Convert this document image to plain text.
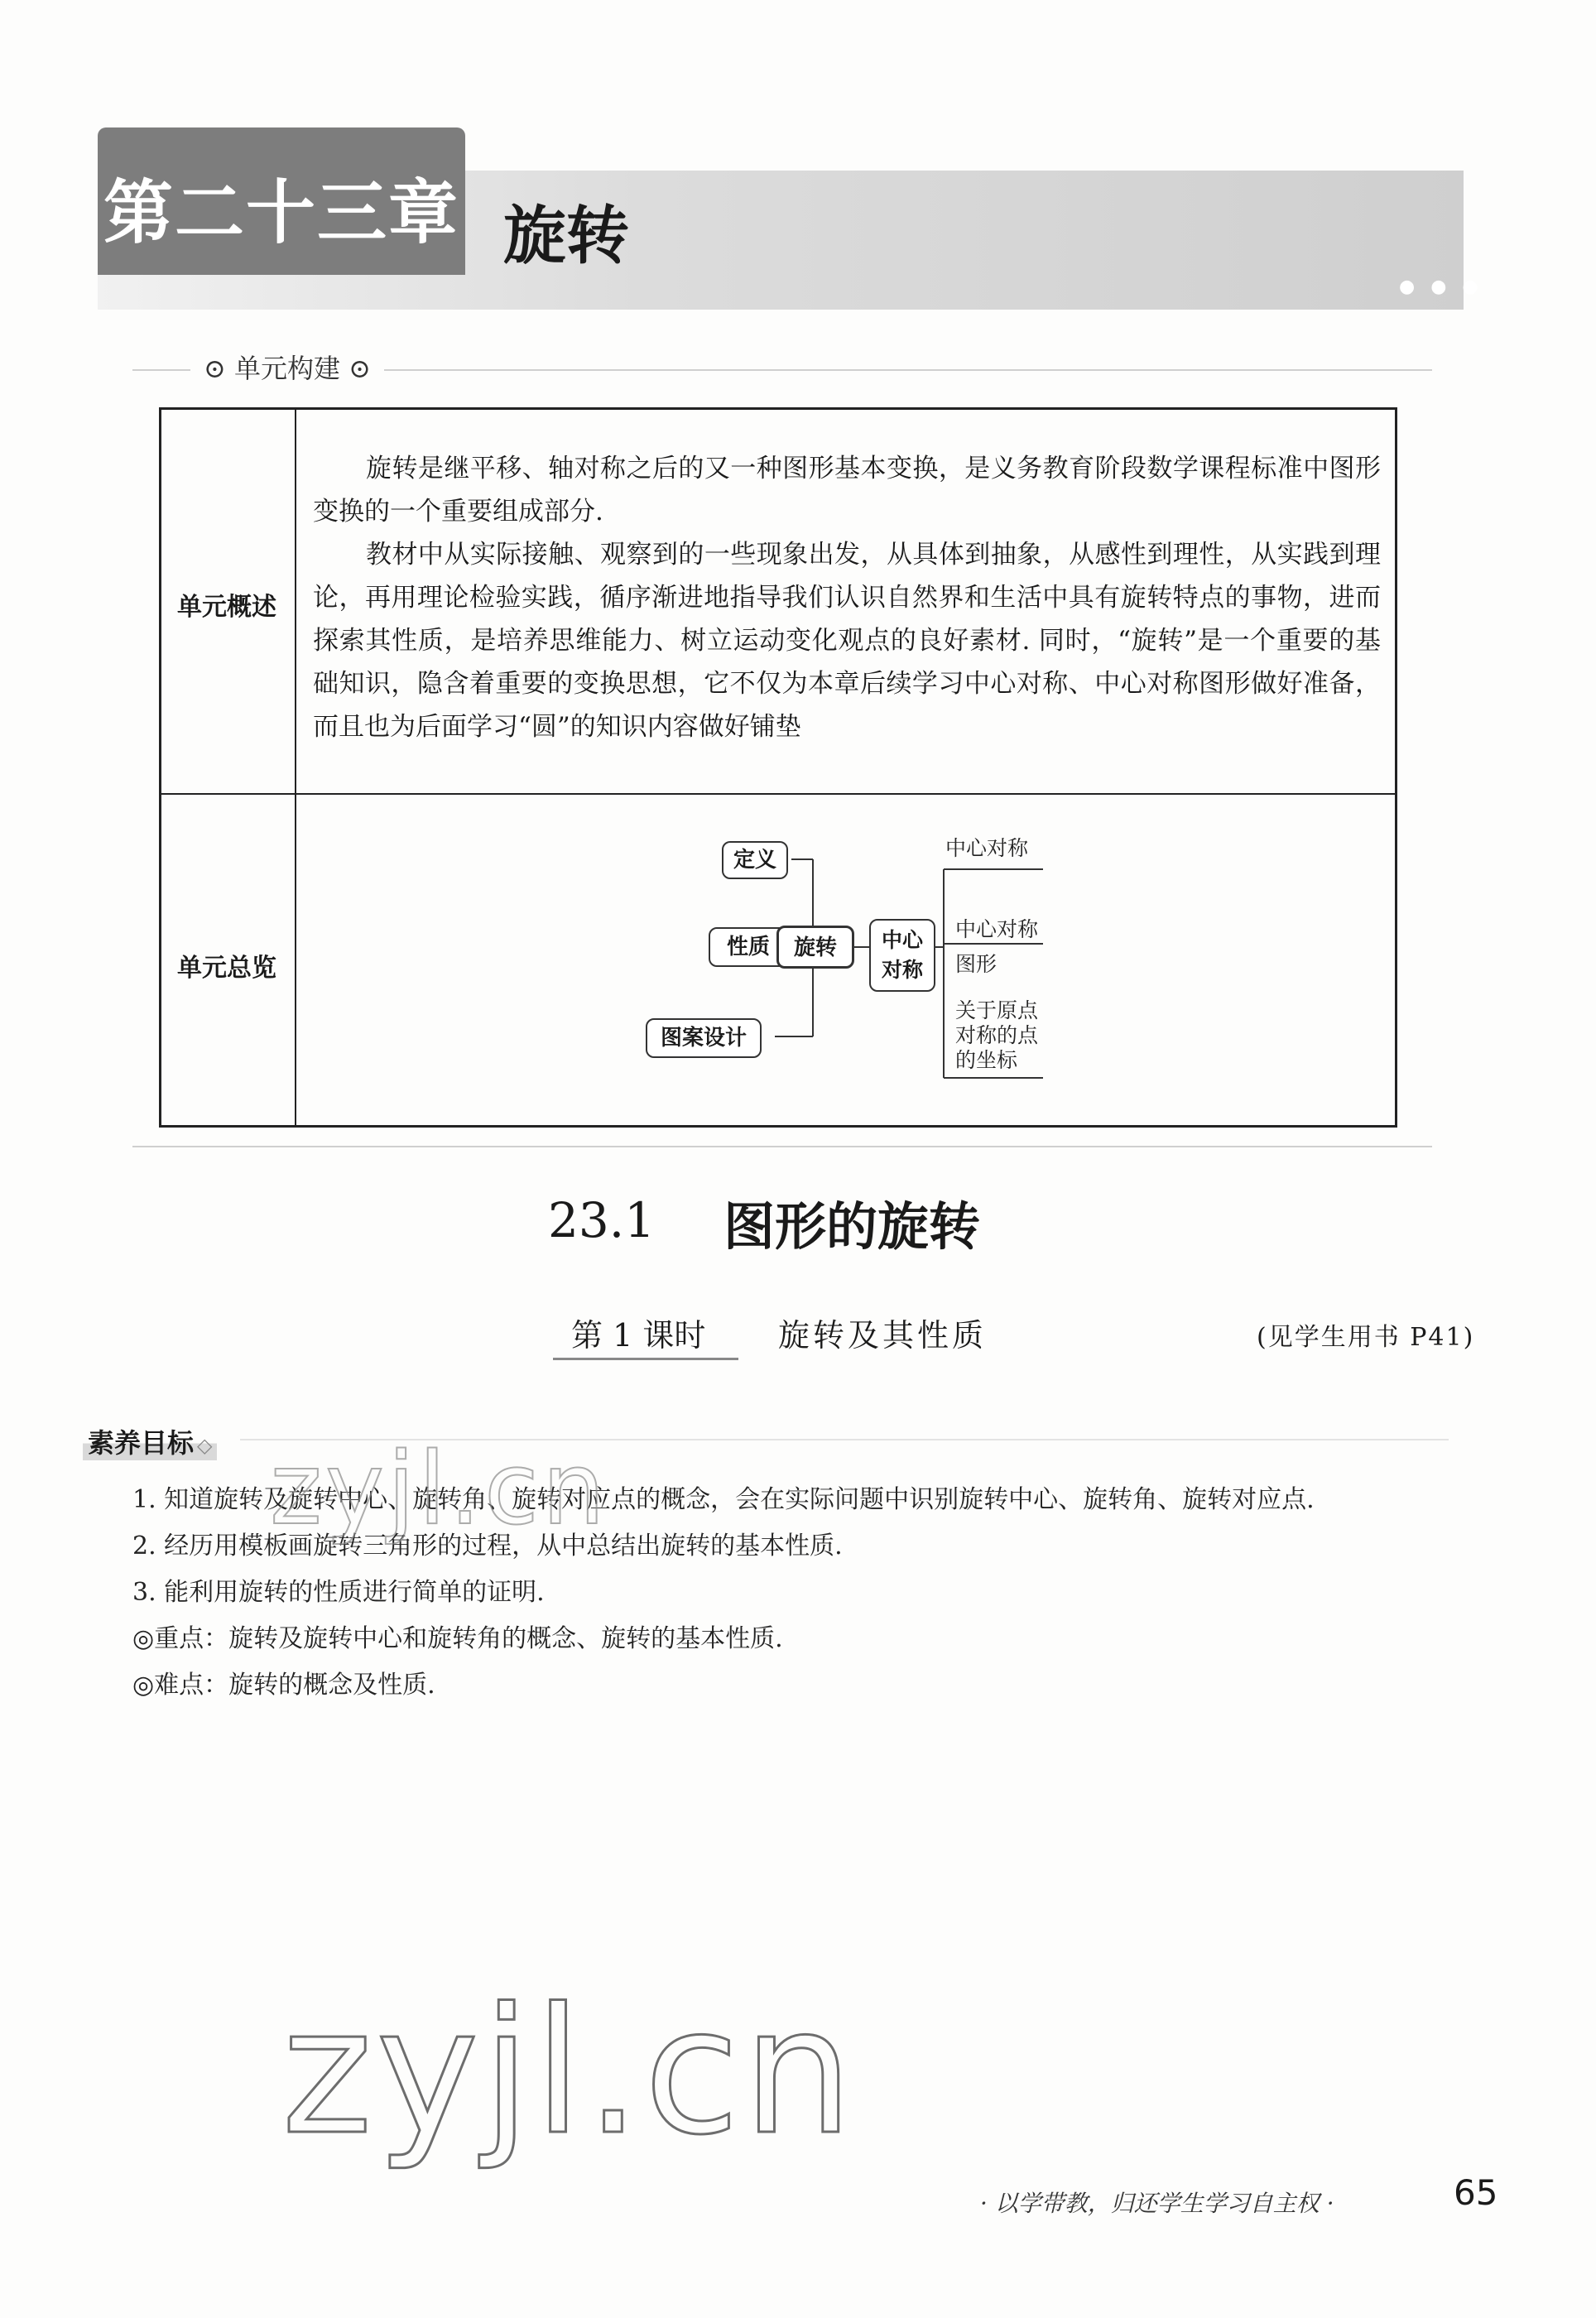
第二十三章 旋转
● ● ●
⊙ 单元构建 ⊙
单元概述

旋转是继平移、轴对称之后的又一种图形基本变换，是义务教育阶段数学课程标准中图形变换的一个重要组成部分.

教材中从实际接触、观察到的一些现象出发，从具体到抽象，从感性到理性，从实践到理论，再用理论检验实践，循序渐进地指导我们认识自然界和生活中具有旋转特点的事物，进而探索其性质，是培养思维能力、树立运动变化观点的良好素材. 同时，“旋转”是一个重要的基础知识，隐含着重要的变换思想，它不仅为本章后续学习中心对称、中心对称图形做好准备，而且也为后面学习“圆”的知识内容做好铺垫

单元总览
定义
性质	旋转
图案设计
中心
对称
中心对称
中心对称
图形
关于原点
对称的点
的坐标
23.1 图形的旋转
第 1 课时 旋转及其性质	(见学生用书 P41)
素养目标 ◇
1. 知道旋转及旋转中心、旋转角、旋转对应点的概念，会在实际问题中识别旋转中心、旋转角、旋转对应点.
2. 经历用模板画旋转三角形的过程，从中总结出旋转的基本性质.
3. 能利用旋转的性质进行简单的证明.
◎重点：旋转及旋转中心和旋转角的概念、旋转的基本性质.
◎难点：旋转的概念及性质.
zyjl.cn
zyjl.cn
· 以学带教，归还学生学习自主权 ·	65
